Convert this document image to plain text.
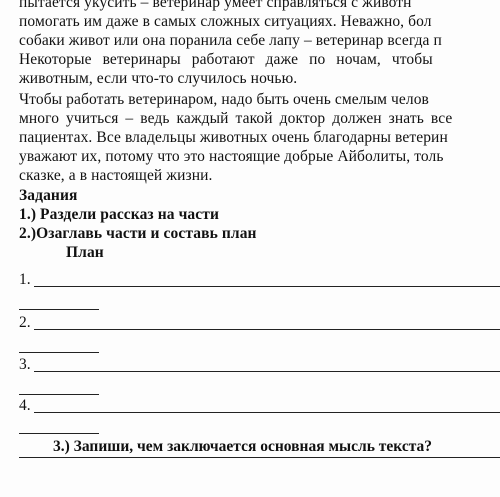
пытается укусить – ветеринар умеет справляться с животн
помогать им даже в самых сложных ситуациях. Неважно, бол
собаки живот или она поранила себе лапу – ветеринар всегда п
Некоторые ветеринары работают даже по ночам, чтобы
животным, если что-то случилось ночью.
Чтобы работать ветеринаром, надо быть очень смелым челов
много учиться – ведь каждый такой доктор должен знать все
пациентах. Все владельцы животных очень благодарны ветерин
уважают их, потому что это настоящие добрые Айболиты, толь
сказке, а в настоящей жизни.
Задания
1.) Раздели рассказ на части
2.)Озаглавь части и составь план
План
1.
2.
3.
4.
3.) Запиши, чем заключается основная мысль текста?
